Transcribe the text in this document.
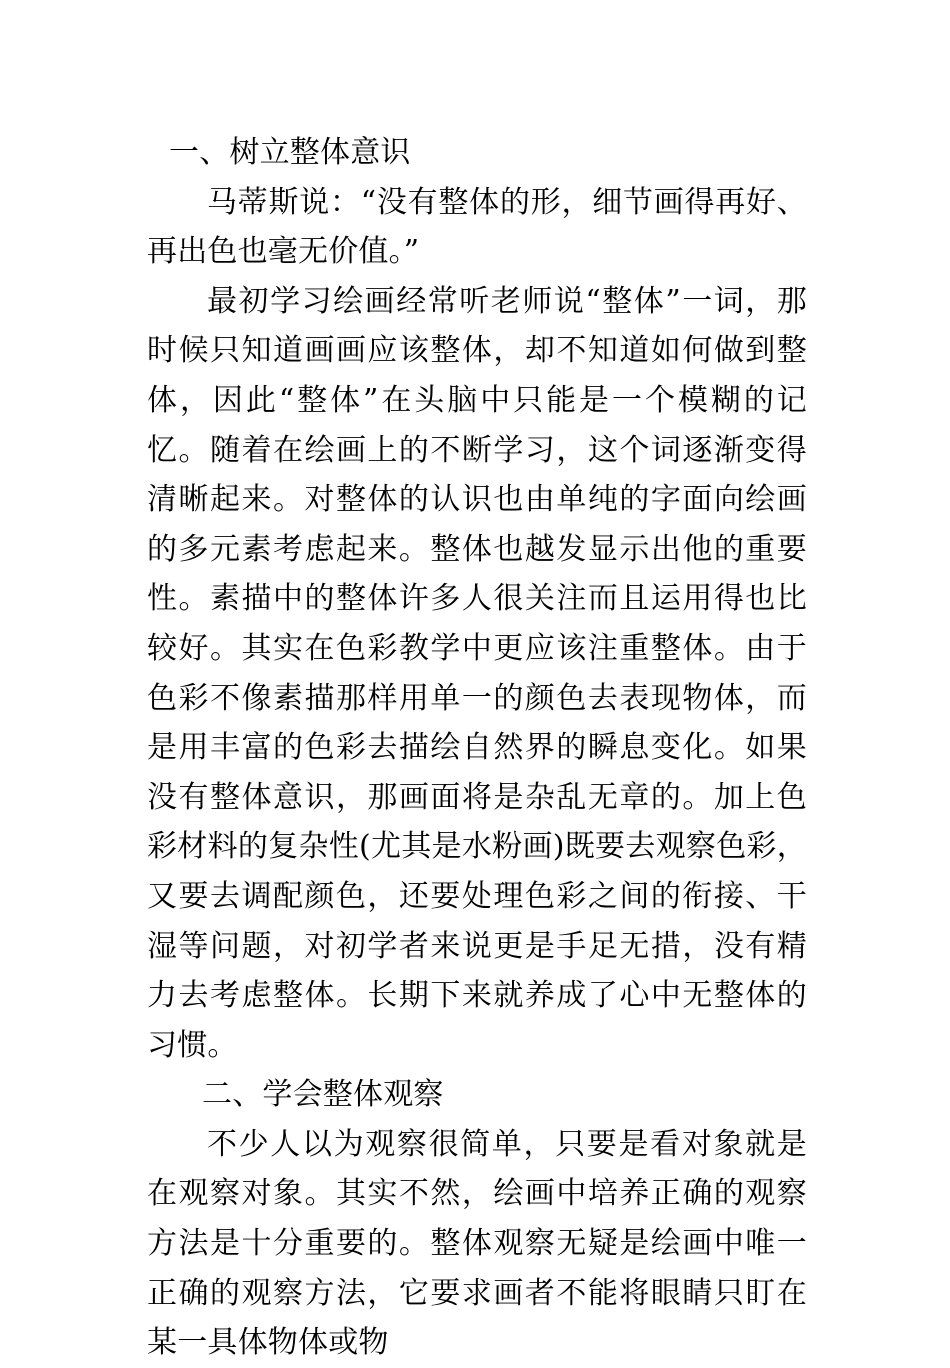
一、树立整体意识

马蒂斯说：“没有整体的形，细节画得再好、再出色也毫无价值。”

最初学习绘画经常听老师说“整体”一词，那时候只知道画画应该整体，却不知道如何做到整体，因此“整体”在头脑中只能是一个模糊的记忆。随着在绘画上的不断学习，这个词逐渐变得清晰起来。对整体的认识也由单纯的字面向绘画的多元素考虑起来。整体也越发显示出他的重要性。素描中的整体许多人很关注而且运用得也比较好。其实在色彩教学中更应该注重整体。由于色彩不像素描那样用单一的颜色去表现物体，而是用丰富的色彩去描绘自然界的瞬息变化。如果没有整体意识，那画面将是杂乱无章的。加上色彩材料的复杂性(尤其是水粉画)既要去观察色彩，又要去调配颜色，还要处理色彩之间的衔接、干湿等问题，对初学者来说更是手足无措，没有精力去考虑整体。长期下来就养成了心中无整体的习惯。

二、学会整体观察

不少人以为观察很简单，只要是看对象就是在观察对象。其实不然，绘画中培养正确的观察方法是十分重要的。整体观察无疑是绘画中唯一正确的观察方法，它要求画者不能将眼睛只盯在某一具体物体或物
